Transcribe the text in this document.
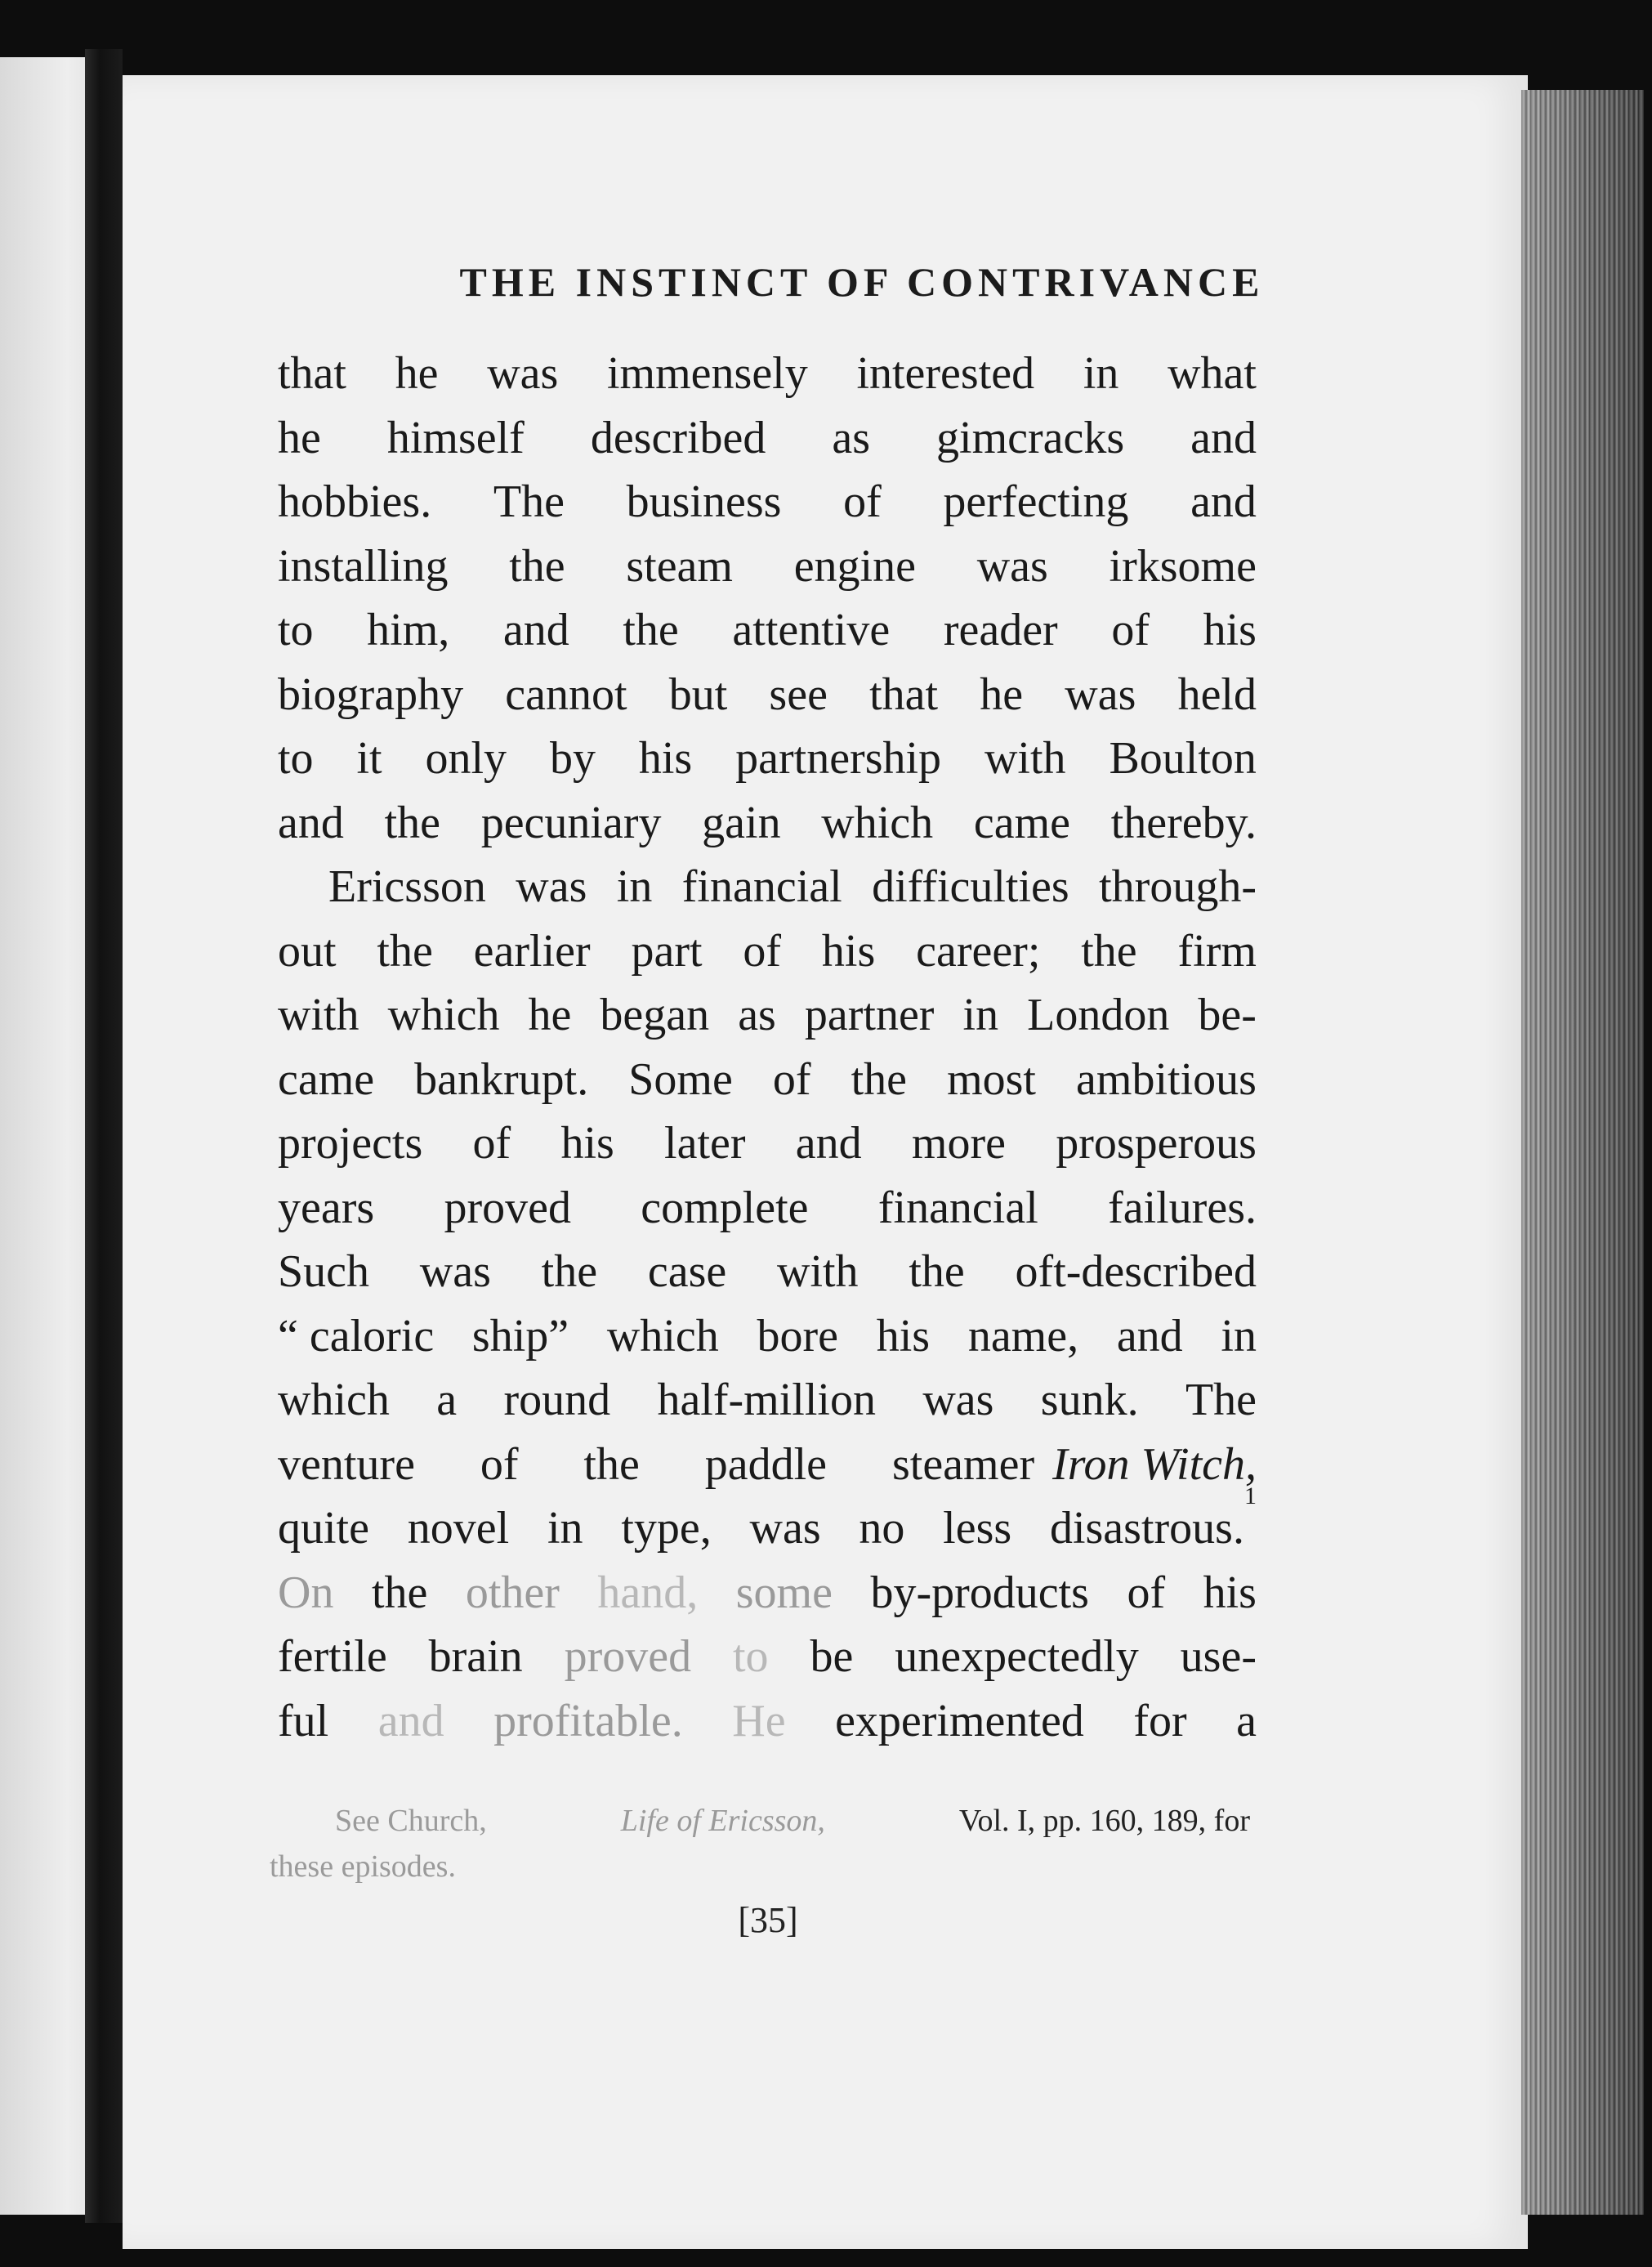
THE INSTINCT OF CONTRIVANCE
that he was immensely interested in what
he himself described as gimcracks and
hobbies. The business of perfecting and
installing the steam engine was irksome
to him, and the attentive reader of his
biography cannot but see that he was held
to it only by his partnership with Boulton
and the pecuniary gain which came thereby.
Ericsson was in financial difficulties through-
out the earlier part of his career; the firm
with which he began as partner in London be-
came bankrupt. Some of the most ambitious
projects of his later and more prosperous
years proved complete financial failures.
Such was the case with the oft-described
“ caloric ship” which bore his name, and in
which a round half-million was sunk. The
venture of the paddle steamer Iron Witch,
quite novel in type, was no less disastrous.
1
On the other hand, some by-products of his
fertile brain proved to be unexpectedly use-
ful and profitable. He experimented for a
See Church,	Life of Ericsson,	Vol. I, pp. 160, 189, for
these episodes.
[35]
